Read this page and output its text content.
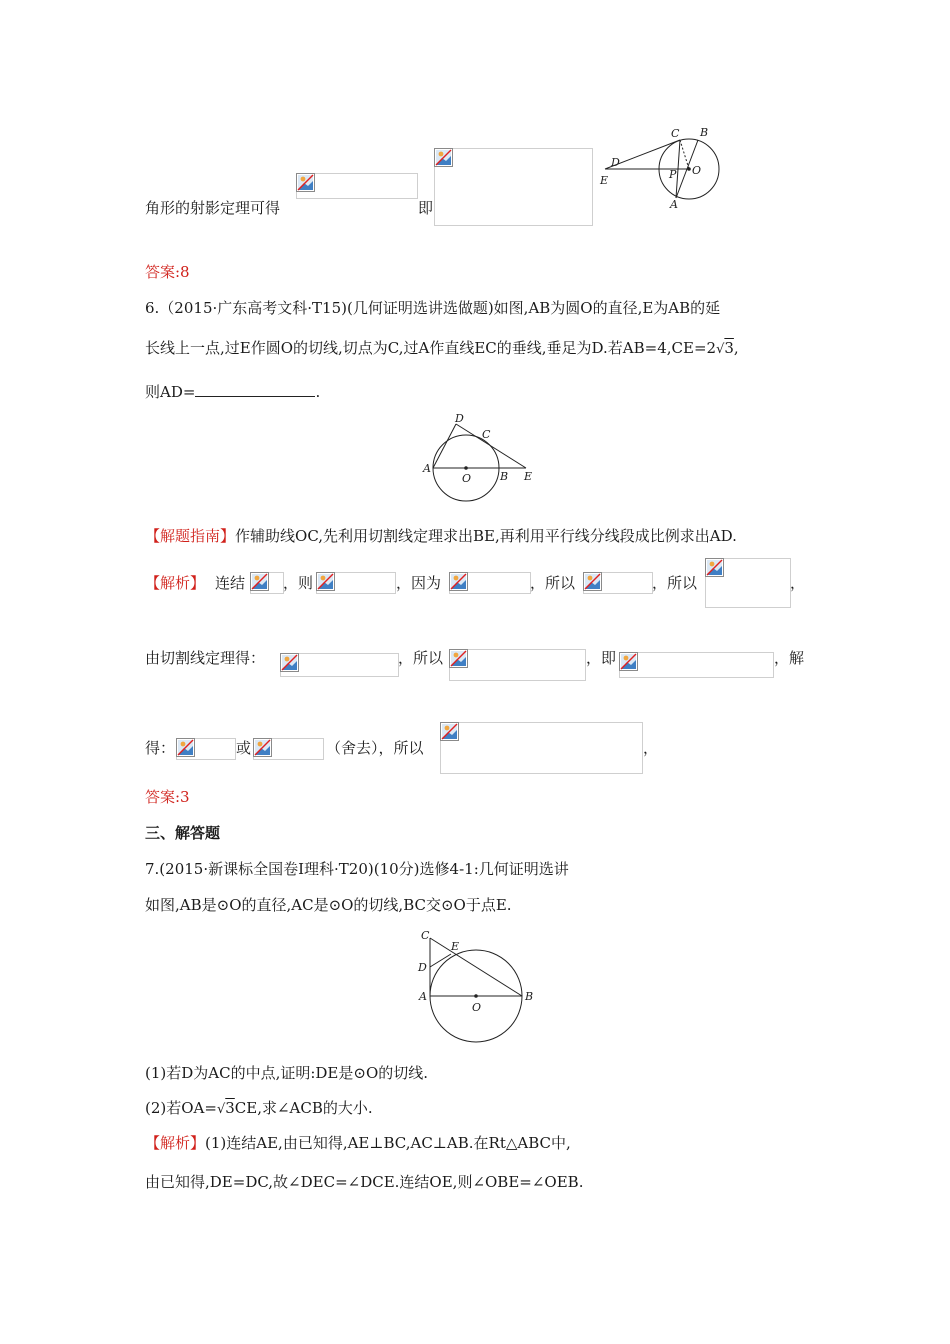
角形的射影定理可得	即
C B
D
O
E	P
A
答案:8
6.（2015·广东高考文科·T15)(几何证明选讲选做题)如图,AB为圆O的直径,E为AB的延
长线上一点,过E作圆O的切线,切点为C,过A作直线EC的垂线,垂足为D.若AB=4,CE=2√3,
则AD=	.
D
C
A
O	B E
【解题指南】作辅助线OC,先利用切割线定理求出BE,再利用平行线分线段成比例求出AD.
【解析】 连结	，则	，因为	，所以	，所以	，
由切割线定理得：	，所以	，即	，解
得：	或	（舍去），所以	，
答案:3
三、解答题
7.(2015·新课标全国卷Ⅰ理科·T20)(10分)选修4-1:几何证明选讲
如图,AB是⊙O的直径,AC是⊙O的切线,BC交⊙O于点E.
C
E
D
A
O
B
(1)若D为AC的中点,证明:DE是⊙O的切线.
(2)若OA=√3CE,求∠ACB的大小.
【解析】(1)连结AE,由已知得,AE⊥BC,AC⊥AB.在Rt△ABC中,
由已知得,DE=DC,故∠DEC=∠DCE.连结OE,则∠OBE=∠OEB.
